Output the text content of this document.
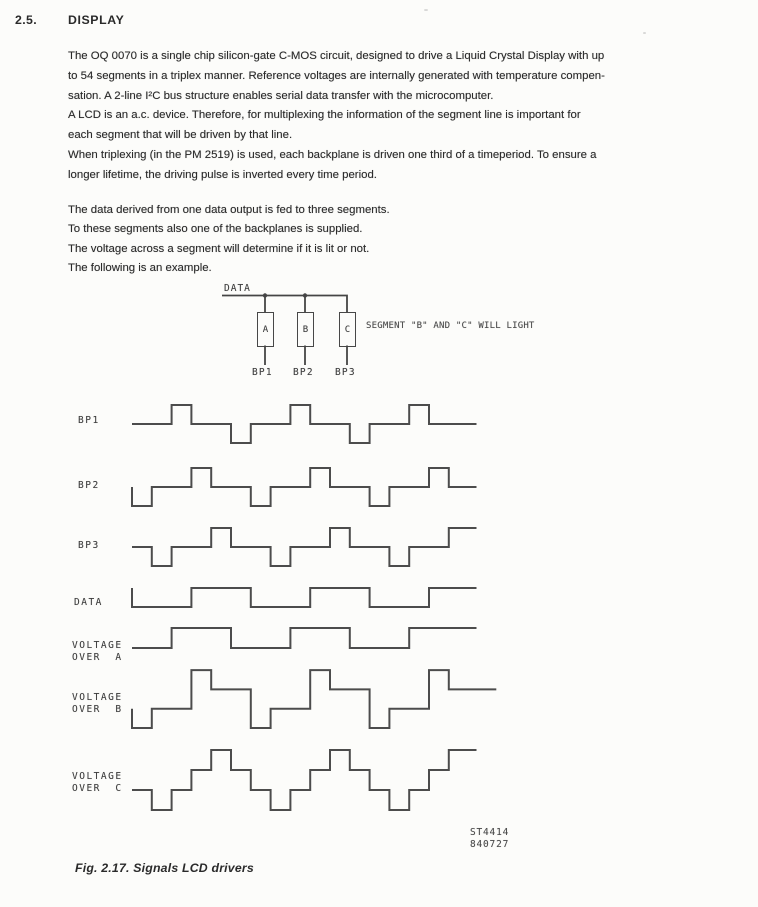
2.5.	DISPLAY
The OQ 0070 is a single chip silicon-gate C-MOS circuit, designed to drive a Liquid Crystal Display with up
to 54 segments in a triplex manner. Reference voltages are internally generated with temperature compen-
sation. A 2-line I²C bus structure enables serial data transfer with the microcomputer.
A LCD is an a.c. device. Therefore, for multiplexing the information of the segment line is important for
each segment that will be driven by that line.
When triplexing (in the PM 2519) is used, each backplane is driven one third of a timeperiod. To ensure a
longer lifetime, the driving pulse is inverted every time period.
The data derived from one data output is fed to three segments.
To these segments also one of the backplanes is supplied.
The voltage across a segment will determine if it is lit or not.
The following is an example.
DATA
A	B	C
BP1 BP2 BP3
SEGMENT "B" AND "C" WILL LIGHT
BP1
BP2
BP3
DATA
VOLTAGE
OVER  A
VOLTAGE
OVER  B
VOLTAGE
OVER  C
ST4414
840727
Fig. 2.17. Signals LCD drivers
